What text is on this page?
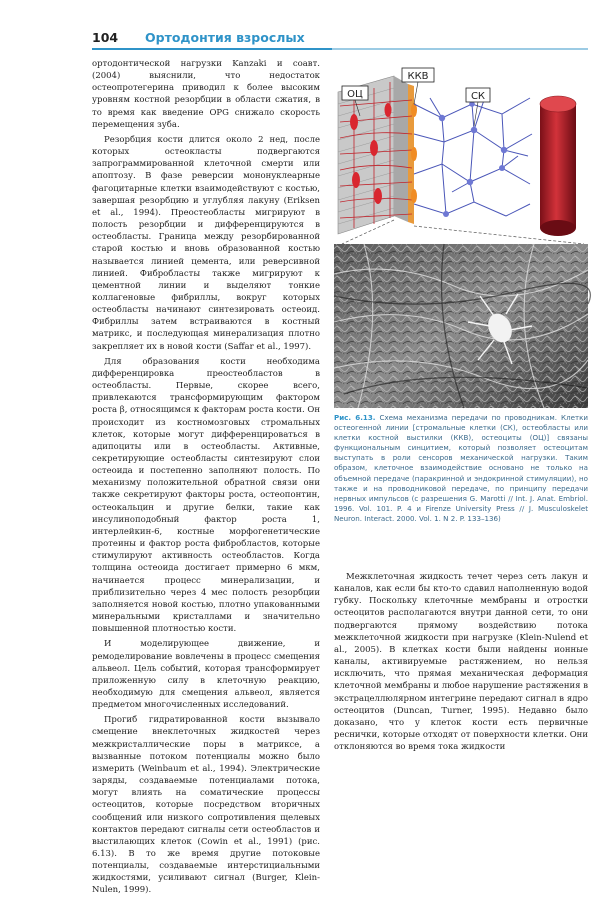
104 Ортодонтия взрослых

ортодонтической нагрузки Kanzaki и соавт. (2004) выяснили, что недостаток остеопротегерина приводил к более высоким уровням костной резорбции в области сжатия, в то время как введение OPG снижало скорость перемещения зуба.

Резорбция кости длится около 2 нед, после которых остеокласты подвергаются запрограммированной клеточной смерти или апоптозу. В фазе реверсии мононуклеарные фагоцитарные клетки взаимодействуют с костью, завершая резорбцию и углубляя лакуну (Eriksen et al., 1994). Преостеобласты мигрируют в полость резорбции и дифференцируются в остеобласты. Граница между резорбированной старой костью и вновь образованной костью называется линией цемента, или реверсивной линией. Фибробласты также мигрируют к цементной линии и выделяют тонкие коллагеновые фибриллы, вокруг которых остеобласты начинают синтезировать остеоид. Фибриллы затем встраиваются в костный матрикс, и последующая минерализация плотно закрепляет их в новой кости (Saffar et al., 1997).

Для образования кости необходима дифференцировка преостеобластов в остеобласты. Первые, скорее всего, привлекаются трансформирующим фактором роста β, относящимся к факторам роста кости. Он происходит из костномозговых стромальных клеток, которые могут дифференцироваться в адипоциты или в остеобласты. Активные, секретирующие остеобласты синтезируют слои остеоида и постепенно заполняют полость. По механизму положительной обратной связи они также секретируют факторы роста, остеопонтин, остеокальцин и другие белки, такие как инсулиноподобный фактор роста 1, интерлейкин-6, костные морфогенетические протеины и фактор роста фибробластов, которые стимулируют активность остеобластов. Когда толщина остеоида достигает примерно 6 мкм, начинается процесс минерализации, и приблизительно через 4 мес полость резорбции заполняется новой костью, плотно упакованными минеральными кристаллами и значительно повышенной плотностью кости.

И моделирующее движение, и ремоделирование вовлечены в процесс смещения альвеол. Цель событий, которая трансформирует приложенную силу в клеточную реакцию, необходимую для смещения альвеол, является предметом многочисленных исследований.

Прогиб гидратированной кости вызывало смещение внеклеточных жидкостей через межкристаллические поры в матриксе, а вызванные потоком потенциалы можно было измерить (Weinbaum et al., 1994). Электрические заряды, создаваемые потенциалами потока, могут влиять на соматические процессы остеоцитов, которые посредством вторичных сообщений или низкого сопротивления щелевых контактов передают сигналы сети остеобластов и выстилающих клеток (Cowin et al., 1991) (рис. 6.13). В то же время другие потоковые потенциалы, создаваемые интерстициальными жидкостями, усиливают сигнал (Burger, Klein-Nulen, 1999).

ОЦ
ККВ
СК
Рис. 6.13. Схема механизма передачи по проводникам. Клетки остеогенной линии [стромальные клетки (СК), остеобласты или клетки костной выстилки (ККВ), остеоциты (ОЦ)] связаны функциональным синцитием, который позволяет остеоцитам выступать в роли сенсоров механической нагрузки. Таким образом, клеточное взаимодействие основано не только на объемной передаче (паракринной и эндокринной стимуляции), но также и на проводниковой передаче, по принципу передачи нервных импульсов (с разрешения G. Marotti // Int. J. Anat. Embriol. 1996. Vol. 101. P. 4 и Firenze University Press // J. Musculoskelet Neuron. Interact. 2000. Vol. 1. N 2. P. 133–136)

Межклеточная жидкость течет через сеть лакун и каналов, как если бы кто-то сдавил наполненную водой губку. Поскольку клеточные мембраны и отростки остеоцитов располагаются внутри данной сети, то они подвергаются прямому воздействию потока межклеточной жидкости при нагрузке (Klein-Nulend et al., 2005). В клетках кости были найдены ионные каналы, активируемые растяжением, но нельзя исключить, что прямая механическая деформация клеточной мембраны и любое нарушение растяжения в экстрацеллюлярном интегрине передают сигнал в ядро остеоцитов (Duncan, Turner, 1995). Недавно было доказано, что у клеток кости есть первичные реснички, которые отходят от поверхности клетки. Они отклоняются во время тока жидкости
